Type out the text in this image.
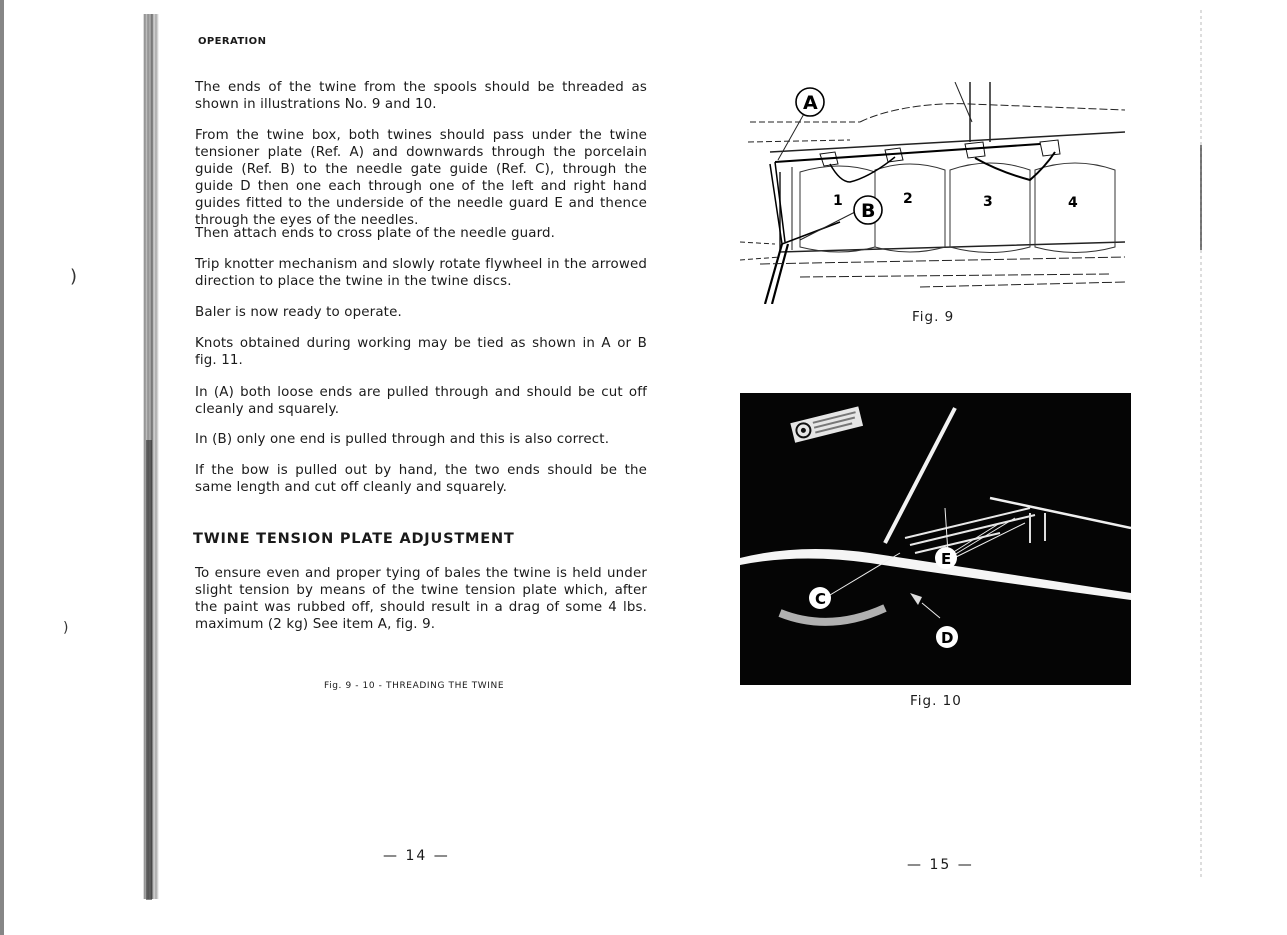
)
)
OPERATION

The ends of the twine from the spools should be threaded as shown in illustrations No. 9 and 10.

From the twine box, both twines should pass under the twine tensioner plate (Ref. A) and downwards through the porcelain guide (Ref. B) to the needle gate guide (Ref. C), through the guide D then one each through one of the left and right hand guides fitted to the underside of the needle guard E and thence through the eyes of the needles.

Then attach ends to cross plate of the needle guard.

Trip knotter mechanism and slowly rotate flywheel in the arrowed direction to place the twine in the twine discs.

Baler is now ready to operate.

Knots obtained during working may be tied as shown in A or B fig. 11.

In (A) both loose ends are pulled through and should be cut off cleanly and squarely.

In (B) only one end is pulled through and this is also correct.

If the bow is pulled out by hand, the two ends should be the same length and cut off cleanly and squarely.

TWINE TENSION PLATE ADJUSTMENT

To ensure even and proper tying of bales the twine is held under slight tension by means of the twine tension plate which, after the paint was rubbed off, should result in a drag of some 4 lbs. maximum (2 kg) See item A, fig. 9.

Fig. 9 - 10 - THREADING THE TWINE
— 14 —
A
B
1	2	3	4
Fig. 9
C
D
E
Fig. 10
— 15 —
